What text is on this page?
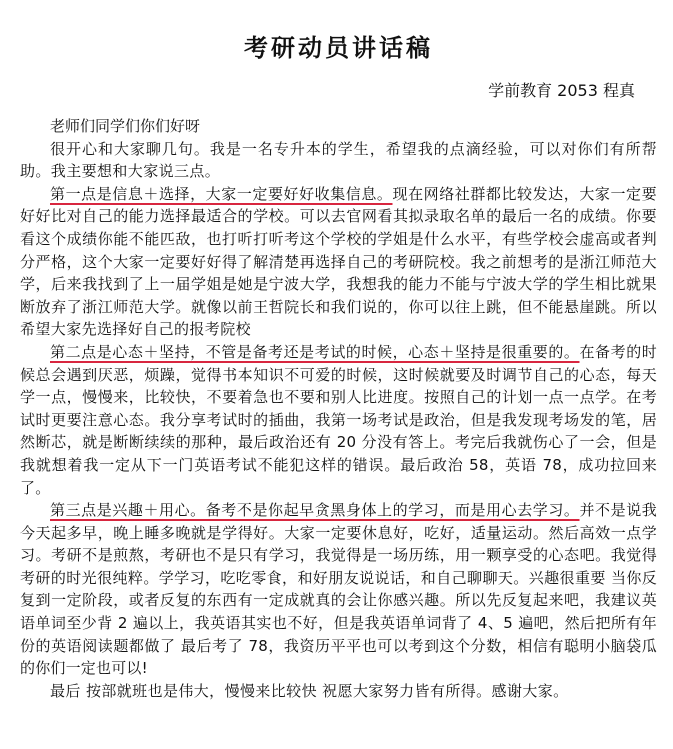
考研动员讲话稿
学前教育 2053 程真

老师们同学们你们好呀

很开心和大家聊几句。我是一名专升本的学生，希望我的点滴经验，可以对你们有所帮助。我主要想和大家说三点。

第一点是信息＋选择，大家一定要好好收集信息。现在网络社群都比较发达，大家一定要好好比对自己的能力选择最适合的学校。可以去官网看其拟录取名单的最后一名的成绩。你要看这个成绩你能不能匹敌，也打听打听考这个学校的学姐是什么水平，有些学校会虚高或者判分严格，这个大家一定要好好得了解清楚再选择自己的考研院校。我之前想考的是浙江师范大学，后来我找到了上一届学姐是她是宁波大学，我想我的能力不能与宁波大学的学生相比就果断放弃了浙江师范大学。就像以前王哲院长和我们说的，你可以往上跳，但不能悬崖跳。所以希望大家先选择好自己的报考院校

第二点是心态＋坚持，不管是备考还是考试的时候，心态＋坚持是很重要的。在备考的时候总会遇到厌恶，烦躁，觉得书本知识不可爱的时候，这时候就要及时调节自己的心态，每天学一点，慢慢来，比较快，不要着急也不要和别人比进度。按照自己的计划一点一点学。在考试时更要注意心态。我分享考试时的插曲，我第一场考试是政治，但是我发现考场发的笔，居然断芯，就是断断续续的那种，最后政治还有 20 分没有答上。考完后我就伤心了一会，但是我就想着我一定从下一门英语考试不能犯这样的错误。最后政治 58，英语 78，成功拉回来了。

第三点是兴趣＋用心。备考不是你起早贪黑身体上的学习，而是用心去学习。并不是说我今天起多早，晚上睡多晚就是学得好。大家一定要休息好，吃好，适量运动。然后高效一点学习。考研不是煎熬，考研也不是只有学习，我觉得是一场历练，用一颗享受的心态吧。我觉得考研的时光很纯粹。学学习，吃吃零食，和好朋友说说话，和自己聊聊天。兴趣很重要 当你反复到一定阶段，或者反复的东西有一定成就真的会让你感兴趣。所以先反复起来吧，我建议英语单词至少背 2 遍以上，我英语其实也不好，但是我英语单词背了 4、5 遍吧，然后把所有年份的英语阅读题都做了 最后考了 78，我资历平平也可以考到这个分数，相信有聪明小脑袋瓜的你们一定也可以!

最后 按部就班也是伟大，慢慢来比较快 祝愿大家努力皆有所得。感谢大家。
